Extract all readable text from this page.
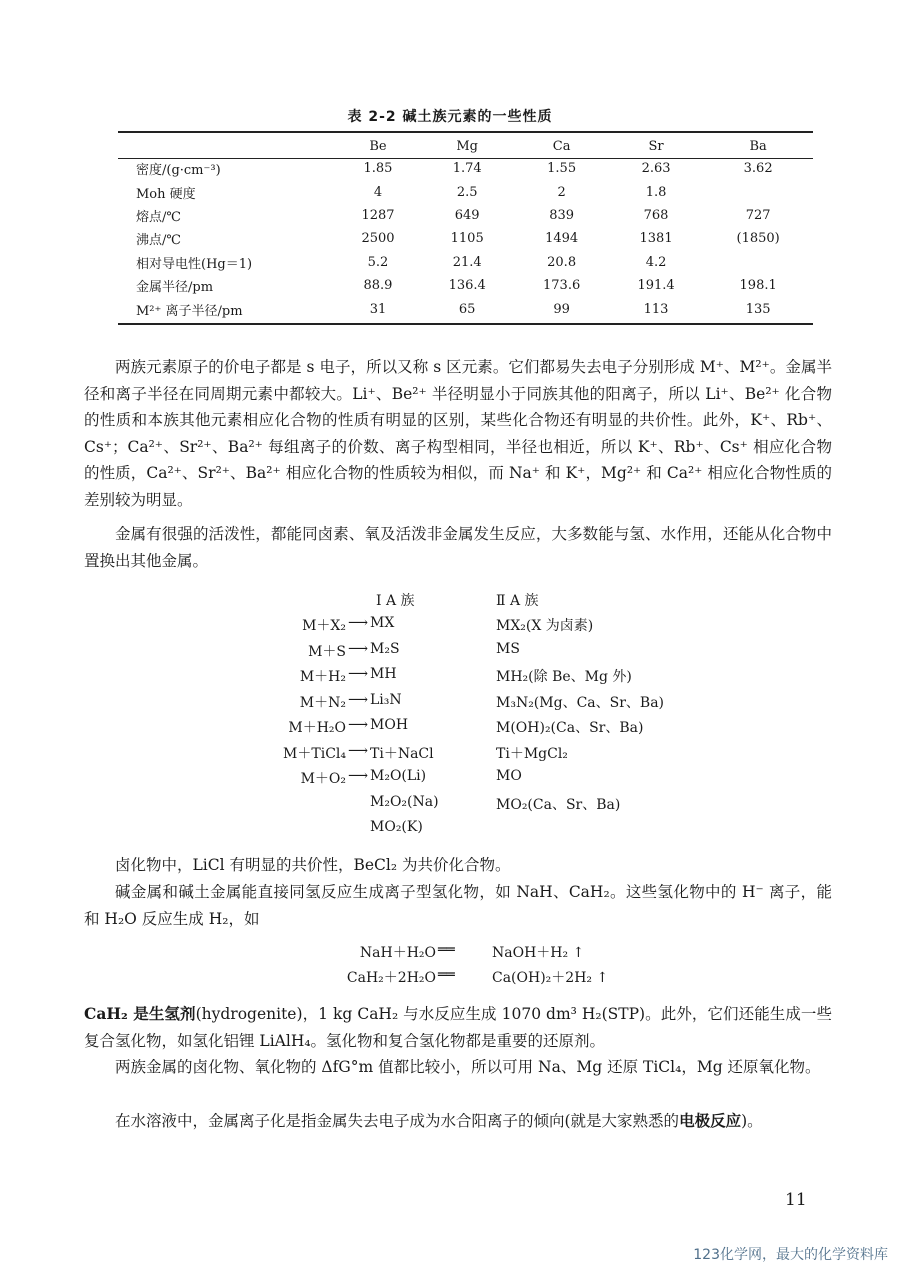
表 2-2 碱土族元素的一些性质
	Be	Mg	Ca	Sr	Ba
密度/(g·cm⁻³)	1.85	1.74	1.55	2.63	3.62
Moh 硬度	4	2.5	2	1.8	
熔点/℃	1287	649	839	768	727
沸点/℃	2500	1105	1494	1381	(1850)
相对导电性(Hg＝1)	5.2	21.4	20.8	4.2	
金属半径/pm	88.9	136.4	173.6	191.4	198.1
M²⁺ 离子半径/pm	31	65	99	113	135
两族元素原子的价电子都是 s 电子，所以又称 s 区元素。它们都易失去电子分别形成 M⁺、M²⁺。金属半径和离子半径在同周期元素中都较大。Li⁺、Be²⁺ 半径明显小于同族其他的阳离子，所以 Li⁺、Be²⁺ 化合物的性质和本族其他元素相应化合物的性质有明显的区别，某些化合物还有明显的共价性。此外，K⁺、Rb⁺、Cs⁺；Ca²⁺、Sr²⁺、Ba²⁺ 每组离子的价数、离子构型相同，半径也相近，所以 K⁺、Rb⁺、Cs⁺ 相应化合物的性质，Ca²⁺、Sr²⁺、Ba²⁺ 相应化合物的性质较为相似，而 Na⁺ 和 K⁺，Mg²⁺ 和 Ca²⁺ 相应化合物性质的差别较为明显。
金属有很强的活泼性，都能同卤素、氧及活泼非金属发生反应，大多数能与氢、水作用，还能从化合物中置换出其他金属。
Ⅰ A 族	Ⅱ A 族
M＋X₂ ⟶ MX	MX₂(X 为卤素)
M＋S ⟶ M₂S	MS
M＋H₂ ⟶ MH	MH₂(除 Be、Mg 外)
M＋N₂ ⟶ Li₃N	M₃N₂(Mg、Ca、Sr、Ba)
M＋H₂O ⟶ MOH	M(OH)₂(Ca、Sr、Ba)
M＋TiCl₄ ⟶ Ti＋NaCl	Ti＋MgCl₂
M＋O₂ ⟶ M₂O(Li)	MO
M₂O₂(Na)	MO₂(Ca、Sr、Ba)
MO₂(K)
卤化物中，LiCl 有明显的共价性，BeCl₂ 为共价化合物。
碱金属和碱土金属能直接同氢反应生成离子型氢化物，如 NaH、CaH₂。这些氢化物中的 H⁻ 离子，能和 H₂O 反应生成 H₂，如
NaH＋H₂O ══	NaOH＋H₂ ↑
CaH₂＋2H₂O ══	Ca(OH)₂＋2H₂ ↑
CaH₂ 是生氢剂(hydrogenite)，1 kg CaH₂ 与水反应生成 1070 dm³ H₂(STP)。此外，它们还能生成一些复合氢化物，如氢化铝锂 LiAlH₄。氢化物和复合氢化物都是重要的还原剂。
两族金属的卤化物、氧化物的 ΔfG°m 值都比较小，所以可用 Na、Mg 还原 TiCl₄，Mg 还原氧化物。
在水溶液中，金属离子化是指金属失去电子成为水合阳离子的倾向(就是大家熟悉的电极反应)。
11
123化学网，最大的化学资料库
